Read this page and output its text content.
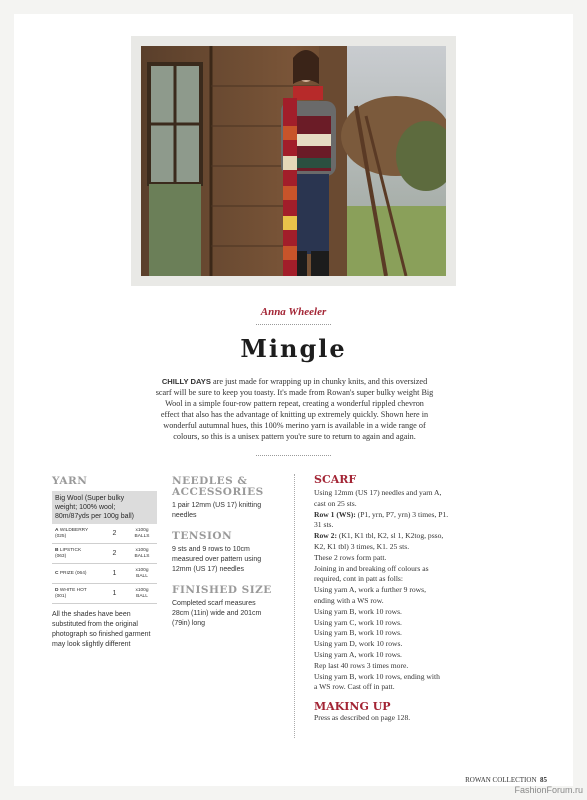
Anna Wheeler
Mingle
CHILLY DAYS are just made for wrapping up in chunky knits, and this oversized
scarf will be sure to keep you toasty. It's made from Rowan's super bulky weight Big
Wool in a simple four-row pattern repeat, creating a wonderful rippled chevron
effect that also has the advantage of knitting up extremely quickly. Shown here in
wonderful autumnal hues, this 100% merino yarn is available in a wide range of
colours, so this is a unisex pattern you're sure to return to again and again.
YARN
Big Wool (Super bulky
weight; 100% wool;
80m/87yds per 100g ball)
A WILDBERRY
(025)	2	x100g
BALLS
B LIPSTICK
(063)	2	x100g
BALLS
C PRIZE (064)	1	x100g
BALL
D WHITE HOT
(001)	1	x100g
BALL
All the shades have been
substituted from the original
photograph so finished garment
may look slightly different
NEEDLES &
ACCESSORIES
1 pair 12mm (US 17) knitting
needles
TENSION
9 sts and 9 rows to 10cm
measured over pattern using
12mm (US 17) needles
FINISHED SIZE
Completed scarf measures
28cm (11in) wide and 201cm
(79in) long
SCARF
Using 12mm (US 17) needles and yarn A,
cast on 25 sts.
Row 1 (WS): (P1, yrn, P7, yrn) 3 times, P1.
31 sts.
Row 2: (K1, K1 tbl, K2, sl 1, K2tog, psso,
K2, K1 tbl) 3 times, K1. 25 sts.
These 2 rows form patt.
Joining in and breaking off colours as
required, cont in patt as folls:
Using yarn A, work a further 9 rows,
ending with a WS row.
Using yarn B, work 10 rows.
Using yarn C, work 10 rows.
Using yarn B, work 10 rows.
Using yarn D, work 10 rows.
Using yarn A, work 10 rows.
Rep last 40 rows 3 times more.
Using yarn B, work 10 rows, ending with
a WS row. Cast off in patt.
MAKING UP
Press as described on page 128.
ROWAN COLLECTION 85
FashionForum.ru
